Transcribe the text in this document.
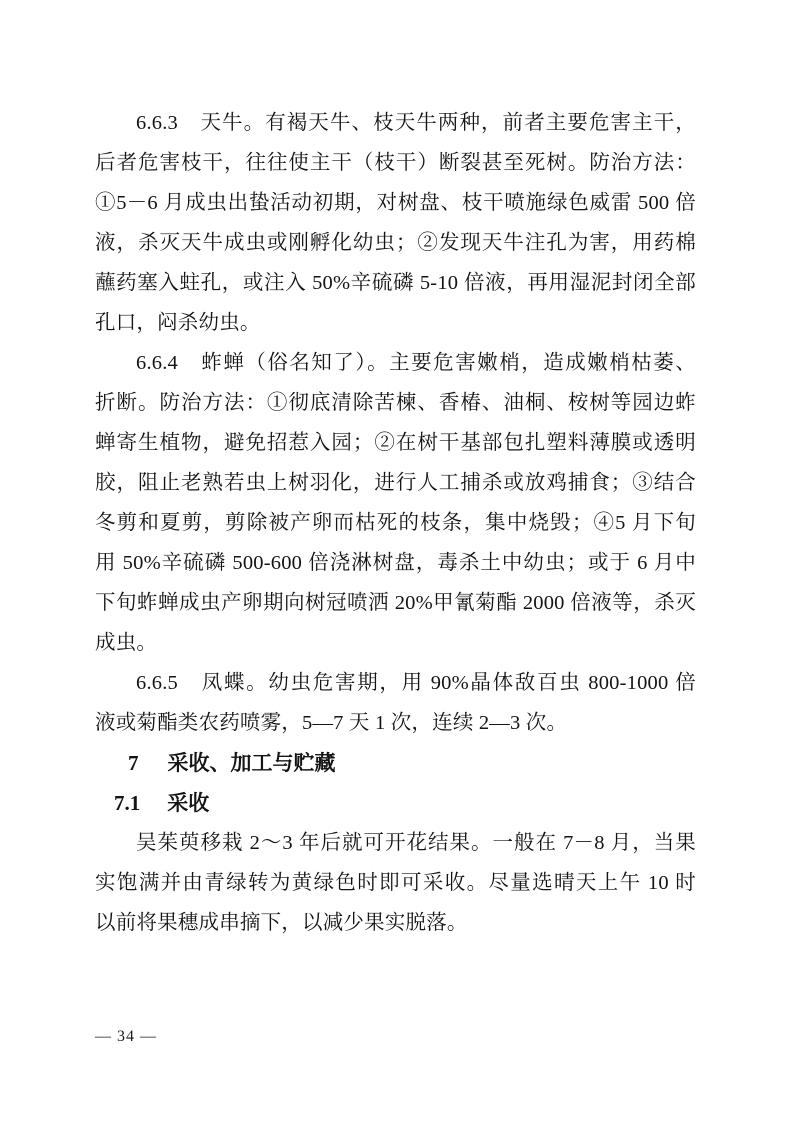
6.6.3　天牛。有褐天牛、枝天牛两种，前者主要危害主干，
后者危害枝干，往往使主干（枝干）断裂甚至死树。防治方法：
①5－6 月成虫出蛰活动初期，对树盘、枝干喷施绿色威雷 500 倍
液，杀灭天牛成虫或刚孵化幼虫；②发现天牛注孔为害，用药棉
蘸药塞入蛀孔，或注入 50%辛硫磷 5-10 倍液，再用湿泥封闭全部
孔口，闷杀幼虫。
6.6.4　蚱蝉（俗名知了）。主要危害嫩梢，造成嫩梢枯萎、
折断。防治方法：①彻底清除苦楝、香椿、油桐、桉树等园边蚱
蝉寄生植物，避免招惹入园；②在树干基部包扎塑料薄膜或透明
胶，阻止老熟若虫上树羽化，进行人工捕杀或放鸡捕食；③结合
冬剪和夏剪，剪除被产卵而枯死的枝条，集中烧毁；④5 月下旬
用 50%辛硫磷 500-600 倍浇淋树盘，毒杀土中幼虫；或于 6 月中
下旬蚱蝉成虫产卵期向树冠喷洒 20%甲氰菊酯 2000 倍液等，杀灭
成虫。
6.6.5　凤蝶。幼虫危害期，用 90%晶体敌百虫 800-1000 倍
液或菊酯类农药喷雾，5—7 天 1 次，连续 2—3 次。
7 采收、加工与贮藏
7.1 采收
吴茱萸移栽 2～3 年后就可开花结果。一般在 7－8 月，当果
实饱满并由青绿转为黄绿色时即可采收。尽量选晴天上午 10 时
以前将果穗成串摘下，以减少果实脱落。
— 34 —
